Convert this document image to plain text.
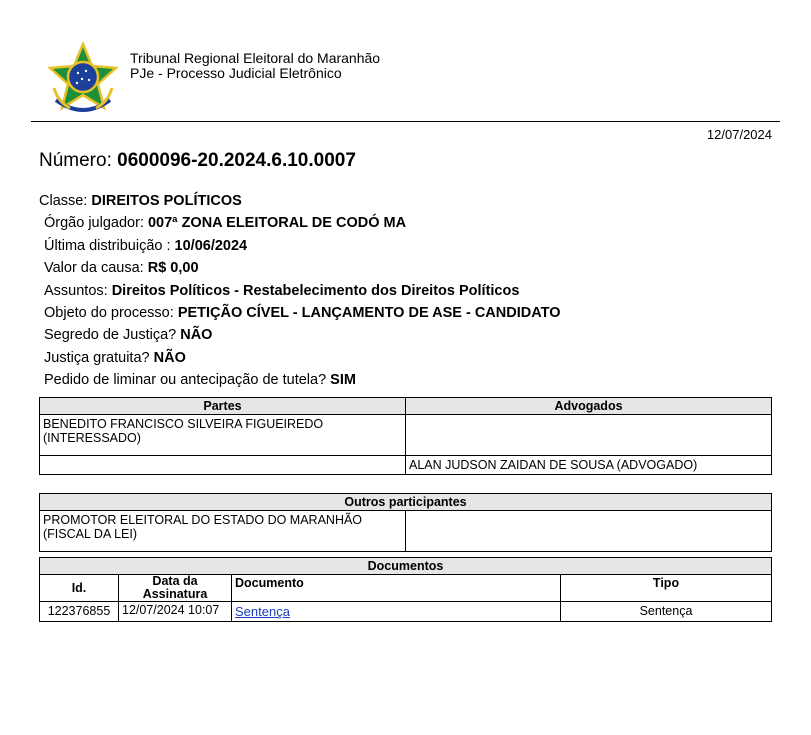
Tribunal Regional Eleitoral do Maranhão
PJe - Processo Judicial Eletrônico
12/07/2024
Número: 0600096-20.2024.6.10.0007
Classe: DIREITOS POLÍTICOS
Órgão julgador: 007ª ZONA ELEITORAL DE CODÓ MA
Última distribuição : 10/06/2024
Valor da causa: R$ 0,00
Assuntos: Direitos Políticos - Restabelecimento dos Direitos Políticos
Objeto do processo: PETIÇÃO CÍVEL - LANÇAMENTO DE ASE - CANDIDATO
Segredo de Justiça? NÃO
Justiça gratuita? NÃO
Pedido de liminar ou antecipação de tutela? SIM
Partes	Advogados
BENEDITO FRANCISCO SILVEIRA FIGUEIREDO (INTERESSADO)	
	ALAN JUDSON ZAIDAN DE SOUSA (ADVOGADO)
Outros participantes
PROMOTOR ELEITORAL DO ESTADO DO MARANHÃO (FISCAL DA LEI)	
Documentos			
Id.	Data da Assinatura	Documento	Tipo
122376855	12/07/2024 10:07	Sentença	Sentença
